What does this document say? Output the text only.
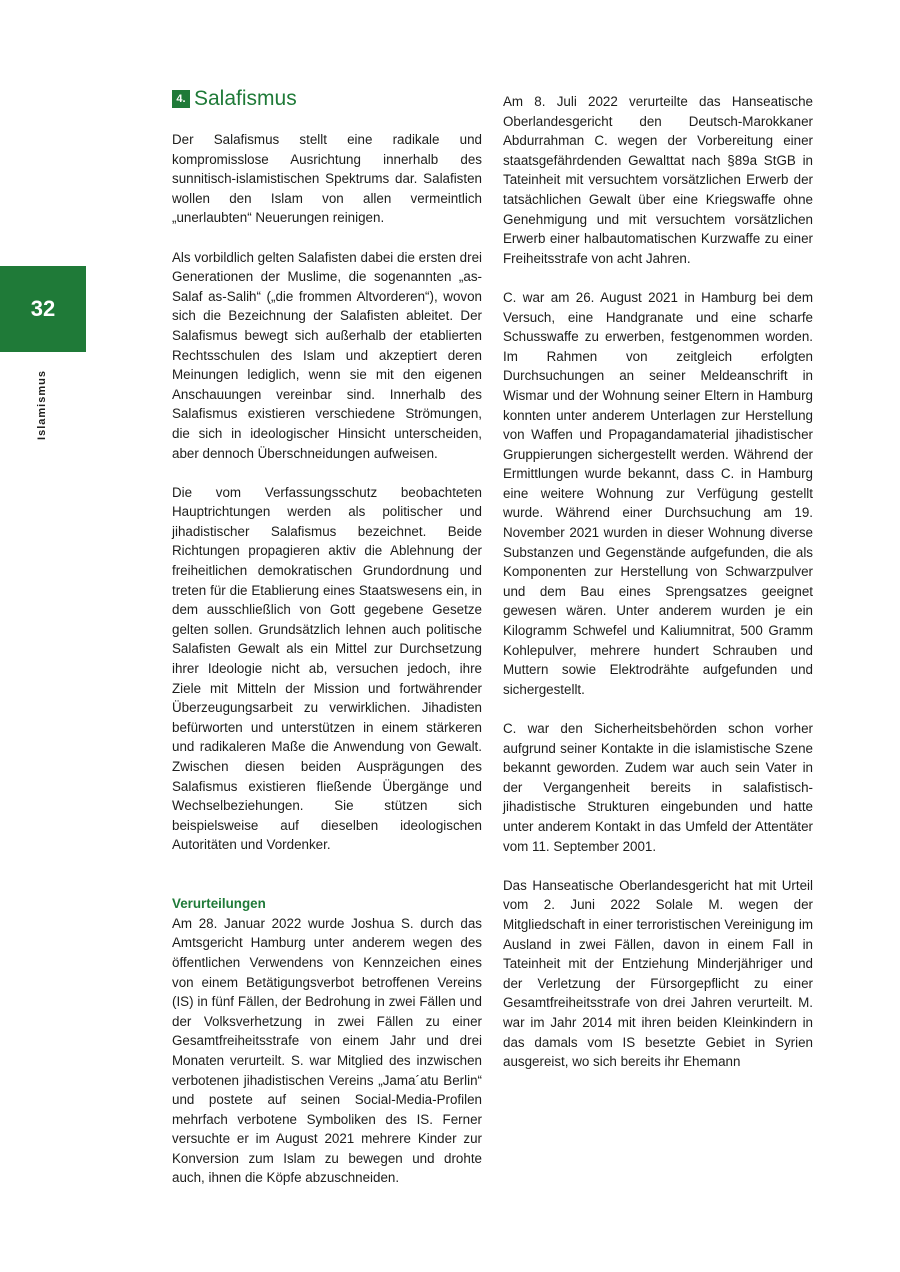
32
Islamismus
4. Salafismus

Der Salafismus stellt eine radikale und kompromisslose Ausrichtung innerhalb des sunnitisch-islamistischen Spektrums dar. Salafisten wollen den Islam von allen vermeintlich „unerlaubten“ Neuerungen reinigen.

Als vorbildlich gelten Salafisten dabei die ersten drei Generationen der Muslime, die sogenannten „as-Salaf as-Salih“ („die frommen Altvorderen“), wovon sich die Bezeichnung der Salafisten ableitet. Der Salafismus bewegt sich außerhalb der etablierten Rechtsschulen des Islam und akzeptiert deren Meinungen lediglich, wenn sie mit den eigenen Anschauungen vereinbar sind. Innerhalb des Salafismus existieren verschiedene Strömungen, die sich in ideologischer Hinsicht unterscheiden, aber dennoch Überschneidungen aufweisen.

Die vom Verfassungsschutz beobachteten Hauptrichtungen werden als politischer und jihadistischer Salafismus bezeichnet. Beide Richtungen propagieren aktiv die Ablehnung der freiheitlichen demokratischen Grundordnung und treten für die Etablierung eines Staatswesens ein, in dem ausschließlich von Gott gegebene Gesetze gelten sollen. Grundsätzlich lehnen auch politische Salafisten Gewalt als ein Mittel zur Durchsetzung ihrer Ideologie nicht ab, versuchen jedoch, ihre Ziele mit Mitteln der Mission und fortwährender Überzeugungsarbeit zu verwirklichen. Jihadisten befürworten und unterstützen in einem stärkeren und radikaleren Maße die Anwendung von Gewalt. Zwischen diesen beiden Ausprägungen des Salafismus existieren fließende Übergänge und Wechselbeziehungen. Sie stützen sich beispielsweise auf dieselben ideologischen Autoritäten und Vordenker.

Verurteilungen

Am 28. Januar 2022 wurde Joshua S. durch das Amtsgericht Hamburg unter anderem wegen des öffentlichen Verwendens von Kennzeichen eines von einem Betätigungsverbot betroffenen Vereins (IS) in fünf Fällen, der Bedrohung in zwei Fällen und der Volksverhetzung in zwei Fällen zu einer Gesamtfreiheitsstrafe von einem Jahr und drei Monaten verurteilt. S. war Mitglied des inzwischen verbotenen jihadistischen Vereins „Jama´atu Berlin“ und postete auf seinen Social-Media-Profilen mehrfach verbotene Symboliken des IS. Ferner versuchte er im August 2021 mehrere Kinder zur Konversion zum Islam zu bewegen und drohte auch, ihnen die Köpfe abzuschneiden.

Am 8. Juli 2022 verurteilte das Hanseatische Oberlandesgericht den Deutsch-Marokkaner Abdurrahman C. wegen der Vorbereitung einer staatsgefährdenden Gewalttat nach §89a StGB in Tateinheit mit versuchtem vorsätzlichen Erwerb der tatsächlichen Gewalt über eine Kriegswaffe ohne Genehmigung und mit versuchtem vorsätzlichen Erwerb einer halbautomatischen Kurzwaffe zu einer Freiheitsstrafe von acht Jahren.

C. war am 26. August 2021 in Hamburg bei dem Versuch, eine Handgranate und eine scharfe Schusswaffe zu erwerben, festgenommen worden. Im Rahmen von zeitgleich erfolgten Durchsuchungen an seiner Meldeanschrift in Wismar und der Wohnung seiner Eltern in Hamburg konnten unter anderem Unterlagen zur Herstellung von Waffen und Propagandamaterial jihadistischer Gruppierungen sichergestellt werden. Während der Ermittlungen wurde bekannt, dass C. in Hamburg eine weitere Wohnung zur Verfügung gestellt wurde. Während einer Durchsuchung am 19. November 2021 wurden in dieser Wohnung diverse Substanzen und Gegenstände aufgefunden, die als Komponenten zur Herstellung von Schwarzpulver und dem Bau eines Sprengsatzes geeignet gewesen wären. Unter anderem wurden je ein Kilogramm Schwefel und Kaliumnitrat, 500 Gramm Kohlepulver, mehrere hundert Schrauben und Muttern sowie Elektrodrähte aufgefunden und sichergestellt.

C. war den Sicherheitsbehörden schon vorher aufgrund seiner Kontakte in die islamistische Szene bekannt geworden. Zudem war auch sein Vater in der Vergangenheit bereits in salafistisch-jihadistische Strukturen eingebunden und hatte unter anderem Kontakt in das Umfeld der Attentäter vom 11. September 2001.

Das Hanseatische Oberlandesgericht hat mit Urteil vom 2. Juni 2022 Solale M. wegen der Mitgliedschaft in einer terroristischen Vereinigung im Ausland in zwei Fällen, davon in einem Fall in Tateinheit mit der Entziehung Minderjähriger und der Verletzung der Fürsorgepflicht zu einer Gesamtfreiheitsstrafe von drei Jahren verurteilt. M. war im Jahr 2014 mit ihren beiden Kleinkindern in das damals vom IS besetzte Gebiet in Syrien ausgereist, wo sich bereits ihr Ehemann
